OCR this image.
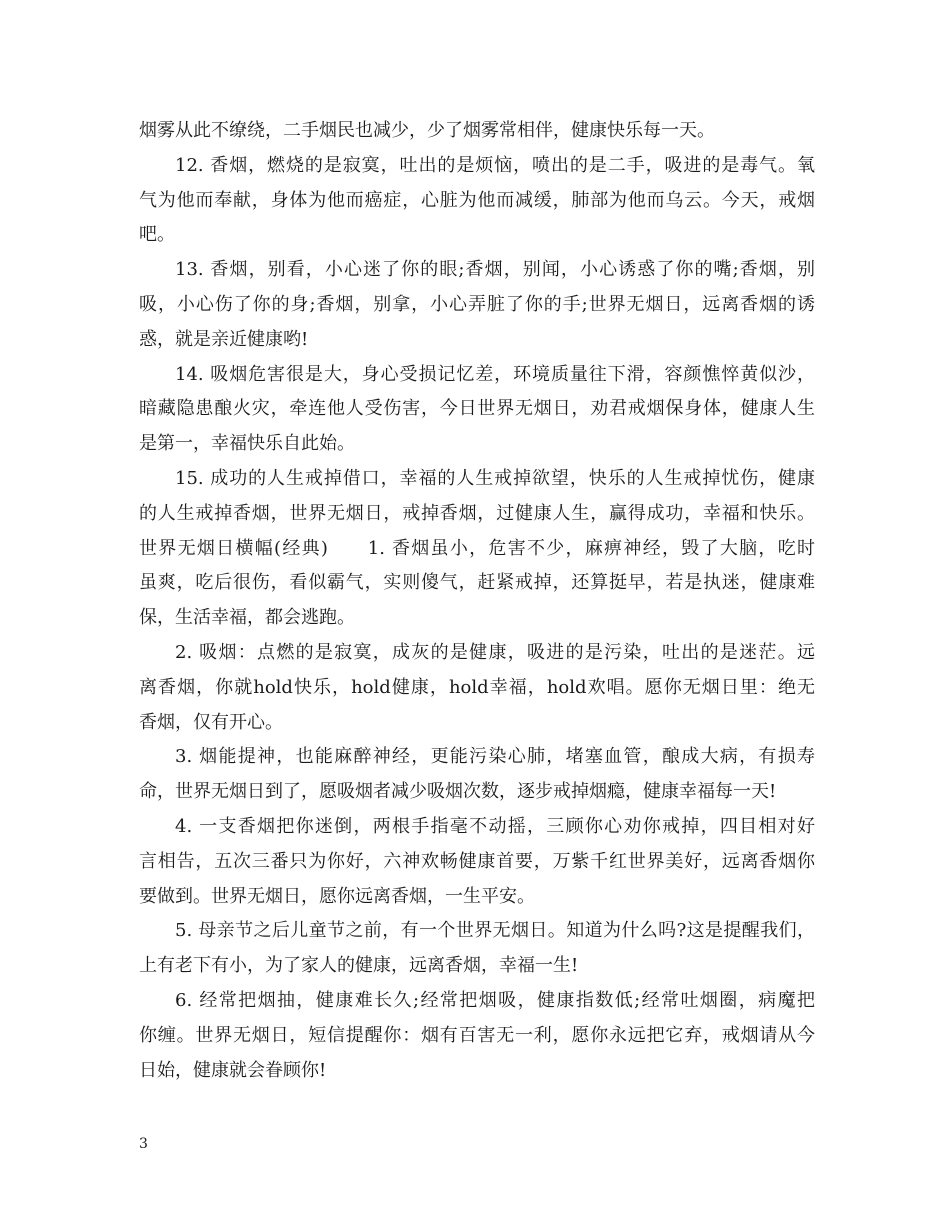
烟雾从此不缭绕，二手烟民也减少，少了烟雾常相伴，健康快乐每一天。
12. 香烟，燃烧的是寂寞，吐出的是烦恼，喷出的是二手，吸进的是毒气。氧
气为他而奉献，身体为他而癌症，心脏为他而减缓，肺部为他而乌云。今天，戒烟
吧。
13. 香烟，别看，小心迷了你的眼;香烟，别闻，小心诱惑了你的嘴;香烟，别
吸，小心伤了你的身;香烟，别拿，小心弄脏了你的手;世界无烟日，远离香烟的诱
惑，就是亲近健康哟!
14. 吸烟危害很是大，身心受损记忆差，环境质量往下滑，容颜憔悴黄似沙，
暗藏隐患酿火灾，牵连他人受伤害，今日世界无烟日，劝君戒烟保身体，健康人生
是第一，幸福快乐自此始。
15. 成功的人生戒掉借口，幸福的人生戒掉欲望，快乐的人生戒掉忧伤，健康
的人生戒掉香烟，世界无烟日，戒掉香烟，过健康人生，赢得成功，幸福和快乐。
世界无烟日横幅(经典)　　1. 香烟虽小，危害不少，麻痹神经，毁了大脑，吃时
虽爽，吃后很伤，看似霸气，实则傻气，赶紧戒掉，还算挺早，若是执迷，健康难
保，生活幸福，都会逃跑。
2. 吸烟：点燃的是寂寞，成灰的是健康，吸进的是污染，吐出的是迷茫。远
离香烟，你就hold快乐，hold健康，hold幸福，hold欢唱。愿你无烟日里：绝无
香烟，仅有开心。
3. 烟能提神，也能麻醉神经，更能污染心肺，堵塞血管，酿成大病，有损寿
命，世界无烟日到了，愿吸烟者减少吸烟次数，逐步戒掉烟瘾，健康幸福每一天!
4. 一支香烟把你迷倒，两根手指毫不动摇，三顾你心劝你戒掉，四目相对好
言相告，五次三番只为你好，六神欢畅健康首要，万紫千红世界美好，远离香烟你
要做到。世界无烟日，愿你远离香烟，一生平安。
5. 母亲节之后儿童节之前，有一个世界无烟日。知道为什么吗?这是提醒我们，
上有老下有小，为了家人的健康，远离香烟，幸福一生!
6. 经常把烟抽，健康难长久;经常把烟吸，健康指数低;经常吐烟圈，病魔把
你缠。世界无烟日，短信提醒你：烟有百害无一利，愿你永远把它弃，戒烟请从今
日始，健康就会眷顾你!
3
